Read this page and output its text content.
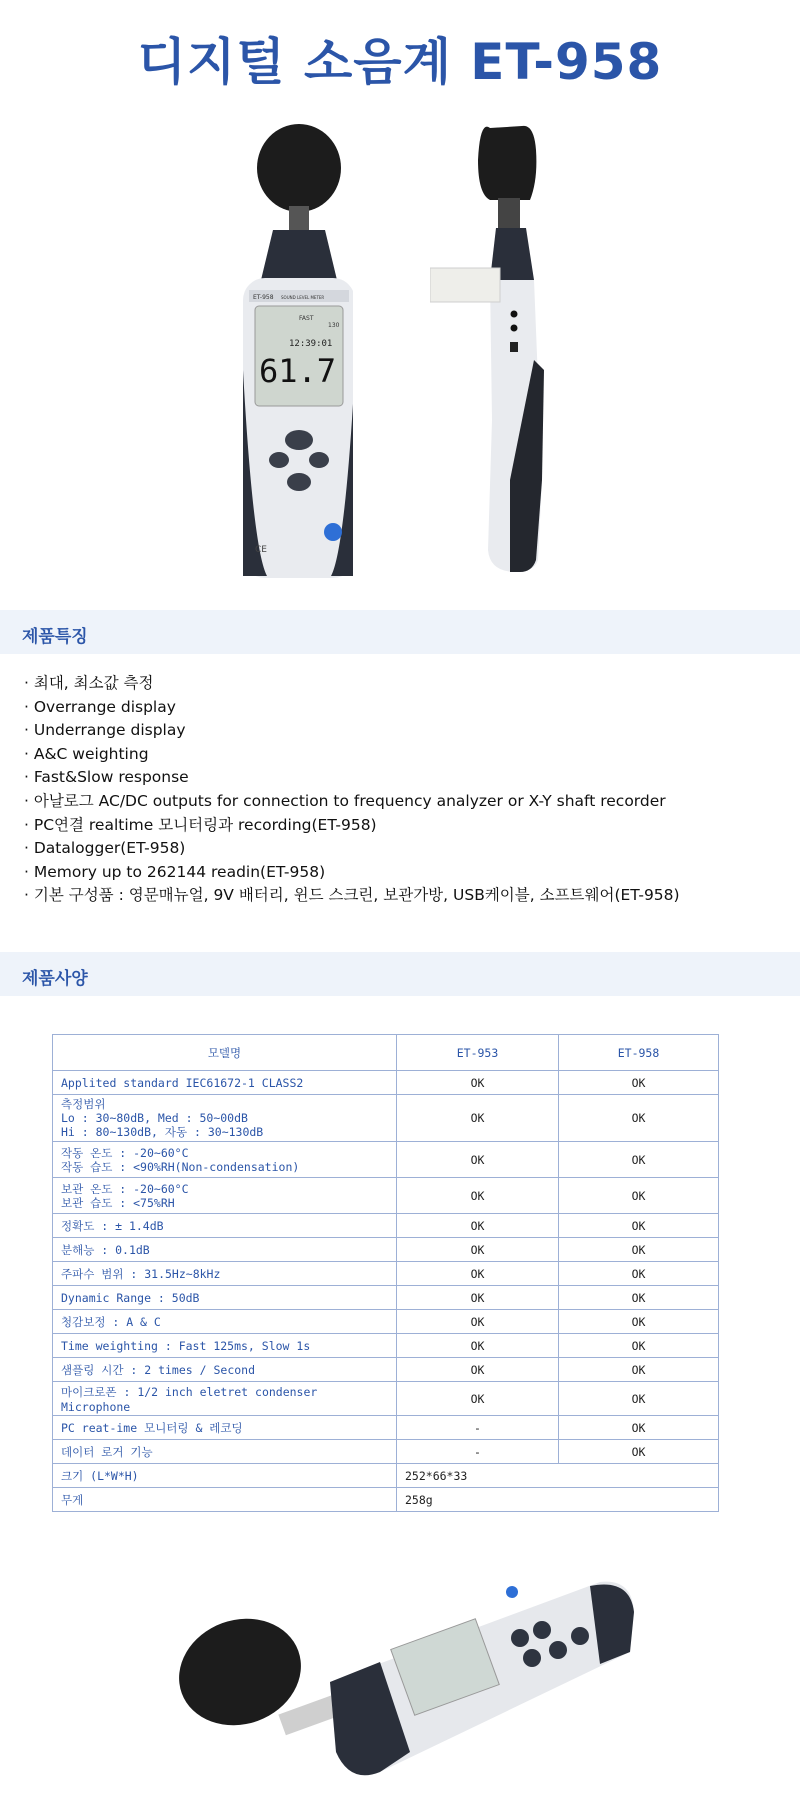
디지털 소음계 ET-958
ET-958 SOUND LEVEL METER
FAST
130
12:39:01
61.7
CE
제품특징
· 최대, 최소값 측정
· Overrange display
· Underrange display
· A&C weighting
· Fast&Slow response
· 아날로그 AC/DC outputs for connection to frequency analyzer or X-Y shaft recorder
· PC연결 realtime 모니터링과 recording(ET-958)
· Datalogger(ET-958)
· Memory up to 262144 readin(ET-958)
· 기본 구성품 : 영문매뉴얼, 9V 배터리, 윈드 스크린, 보관가방, USB케이블, 소프트웨어(ET-958)
제품사양
모델명	ET-953	ET-958
Applited standard IEC61672-1 CLASS2	OK	OK
측정범위
Lo : 30~80dB, Med : 50~00dB
Hi : 80~130dB, 자동 : 30~130dB	OK	OK
작동 온도 : -20~60°C
작동 습도 : <90%RH(Non-condensation)	OK	OK
보관 온도 : -20~60°C
보관 습도 : <75%RH	OK	OK
정확도 : ± 1.4dB	OK	OK
분해능 : 0.1dB	OK	OK
주파수 범위 : 31.5Hz~8kHz	OK	OK
Dynamic Range : 50dB	OK	OK
청감보정 : A & C	OK	OK
Time weighting : Fast 125ms, Slow 1s	OK	OK
샘플링 시간 : 2 times / Second	OK	OK
마이크로폰 : 1/2 inch eletret condenser Microphone	OK	OK
PC reat-ime 모니터링 & 레코딩	-	OK
데이터 로거 기능	-	OK
크기 (L*W*H)	252*66*33	
무게	258g	
